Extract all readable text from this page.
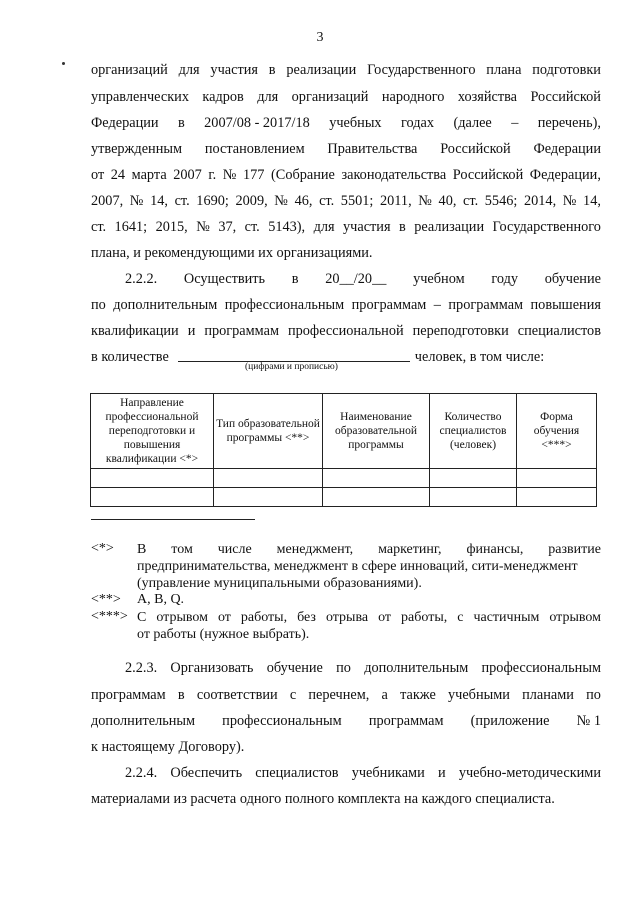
3
организаций для участия в реализации Государственного плана подготовки
управленческих кадров для организаций народного хозяйства Российской
Федерации в 2007/08 - 2017/18 учебных годах (далее – перечень),
утвержденным постановлением Правительства Российской Федерации
от 24 марта 2007 г. № 177 (Собрание законодательства Российской Федерации,
2007, № 14, ст. 1690; 2009, № 46, ст. 5501; 2011, № 40, ст. 5546; 2014, № 14,
ст. 1641; 2015, № 37, ст. 5143), для участия в реализации Государственного
плана, и рекомендующими их организациями.
2.2.2. Осуществить в 20__/20__ учебном году обучение
по дополнительным профессиональным программам – программам повышения
квалификации и программам профессиональной переподготовки специалистов
в количестве	человек, в том числе:
(цифрами и прописью)
Направление профессиональной переподготовки и повышения квалификации <*>	Тип образовательной программы <**>	Наименование образовательной программы	Количество специалистов (человек)	Форма обучения <***>

<*> В том числе менеджмент, маркетинг, финансы, развитие
предпринимательства, менеджмент в сфере инноваций, сити-менеджмент
(управление муниципальными образованиями).
<**> A, B, Q.
<***> С отрывом от работы, без отрыва от работы, с частичным отрывом
от работы (нужное выбрать).
2.2.3. Организовать обучение по дополнительным профессиональным
программам в соответствии с перечнем, а также учебными планами по
дополнительным профессиональным программам (приложение № 1
к настоящему Договору).
2.2.4. Обеспечить специалистов учебниками и учебно-методическими
материалами из расчета одного полного комплекта на каждого специалиста.
